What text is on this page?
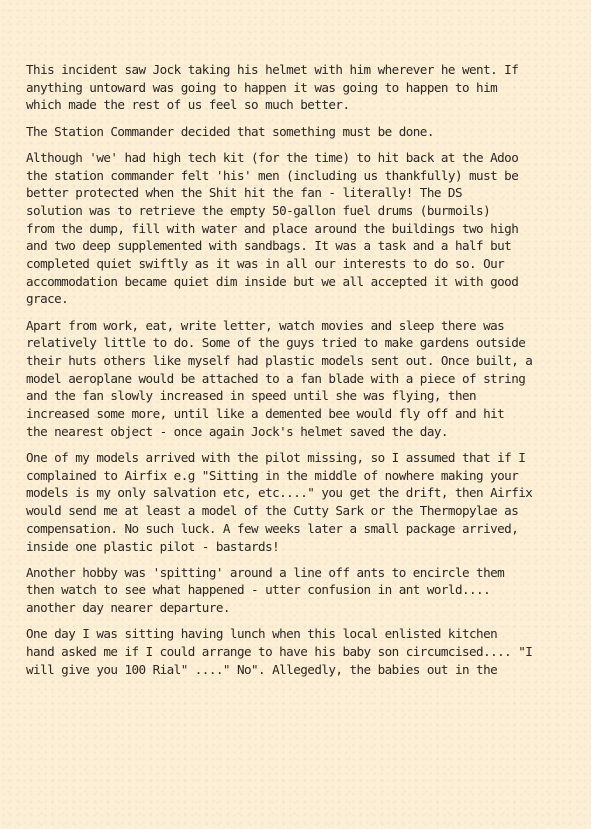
This incident saw Jock taking his helmet with him wherever he went. If
anything untoward was going to happen it was going to happen to him
which made the rest of us feel so much better.

The Station Commander decided that something must be done.

Although 'we' had high tech kit (for the time) to hit back at the Adoo
the station commander felt 'his' men (including us thankfully) must be
better protected when the Shit hit the fan - literally! The DS
solution was to retrieve the empty 50-gallon fuel drums (burmoils)
from the dump, fill with water and place around the buildings two high
and two deep supplemented with sandbags. It was a task and a half but
completed quiet swiftly as it was in all our interests to do so. Our
accommodation became quiet dim inside but we all accepted it with good
grace.

Apart from work, eat, write letter, watch movies and sleep there was
relatively little to do. Some of the guys tried to make gardens outside
their huts others like myself had plastic models sent out. Once built, a
model aeroplane would be attached to a fan blade with a piece of string
and the fan slowly increased in speed until she was flying, then
increased some more, until like a demented bee would fly off and hit
the nearest object - once again Jock's helmet saved the day.

One of my models arrived with the pilot missing, so I assumed that if I
complained to Airfix e.g "Sitting in the middle of nowhere making your
models is my only salvation etc, etc...." you get the drift, then Airfix
would send me at least a model of the Cutty Sark or the Thermopylae as
compensation. No such luck. A few weeks later a small package arrived,
inside one plastic pilot - bastards!

Another hobby was 'spitting' around a line off ants to encircle them
then watch to see what happened - utter confusion in ant world....
another day nearer departure.

One day I was sitting having lunch when this local enlisted kitchen
hand asked me if I could arrange to have his baby son circumcised.... "I
will give you 100 Rial" ...." No". Allegedly, the babies out in the
